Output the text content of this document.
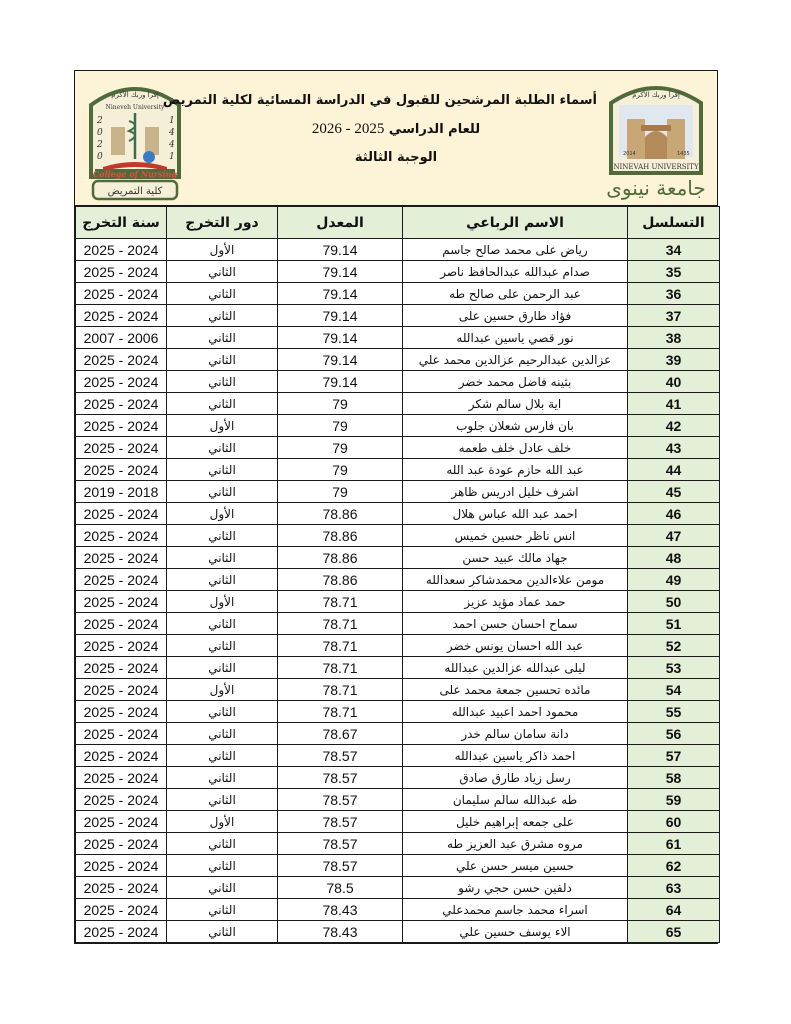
إقرأ وربك الأكرم
Nineveh University
2
0
2
0
1
4
4
1
College of Nursing
كلية التمريض
أسماء الطلبة المرشحين للقبول في الدراسة المسائية لكلية التمريض
للعام الدراسي 2025 - 2026
الوجبة الثالثة
إقرأ وربك الأكرم
2014	1435
NINEVAH UNIVERSITY
جامعة نينوى
التسلسل	الاسم الرباعي	المعدل	دور التخرج	سنة التخرج
34	رياض على محمد صالح جاسم	79.14	الأول	2025 - 2024
35	صدام عبدالله عبدالحافظ ناصر	79.14	الثاني	2025 - 2024
36	عبد الرحمن على صالح طه	79.14	الثاني	2025 - 2024
37	فؤاد طارق حسين على	79.14	الثاني	2025 - 2024
38	نور قصي ياسين عبدالله	79.14	الثاني	2007 - 2006
39	عزالدين عبدالرحيم عزالدين محمد علي	79.14	الثاني	2025 - 2024
40	بثينه فاضل محمد خضر	79.14	الثاني	2025 - 2024
41	اية بلال سالم شكر	79	الثاني	2025 - 2024
42	بان فارس شعلان جلوب	79	الأول	2025 - 2024
43	خلف عادل خلف طعمه	79	الثاني	2025 - 2024
44	عبد الله حازم عودة عبد الله	79	الثاني	2025 - 2024
45	اشرف خليل ادريس ظاهر	79	الثاني	2019 - 2018
46	احمد عبد الله عباس هلال	78.86	الأول	2025 - 2024
47	انس ناظر حسين خميس	78.86	الثاني	2025 - 2024
48	جهاد مالك عبيد حسن	78.86	الثاني	2025 - 2024
49	مومن علاءالدين محمدشاكر سعدالله	78.86	الثاني	2025 - 2024
50	حمد عماد مؤيد عزيز	78.71	الأول	2025 - 2024
51	سماح احسان حسن احمد	78.71	الثاني	2025 - 2024
52	عبد الله احسان يونس خضر	78.71	الثاني	2025 - 2024
53	ليلى عبدالله عزالدين عبدالله	78.71	الثاني	2025 - 2024
54	مائده تحسين جمعة محمد على	78.71	الأول	2025 - 2024
55	محمود احمد اعبيد عبدالله	78.71	الثاني	2025 - 2024
56	دانة سامان سالم خدر	78.67	الثاني	2025 - 2024
57	احمد ذاكر ياسين عبدالله	78.57	الثاني	2025 - 2024
58	رسل زياد طارق صادق	78.57	الثاني	2025 - 2024
59	طه عبدالله سالم سليمان	78.57	الثاني	2025 - 2024
60	على جمعه إبراهيم خليل	78.57	الأول	2025 - 2024
61	مروه مشرق عبد العزيز طه	78.57	الثاني	2025 - 2024
62	حسين ميسر حسن علي	78.57	الثاني	2025 - 2024
63	دلفين حسن حجي رشو	78.5	الثاني	2025 - 2024
64	اسراء محمد جاسم محمدعلي	78.43	الثاني	2025 - 2024
65	الاء يوسف حسين علي	78.43	الثاني	2025 - 2024
